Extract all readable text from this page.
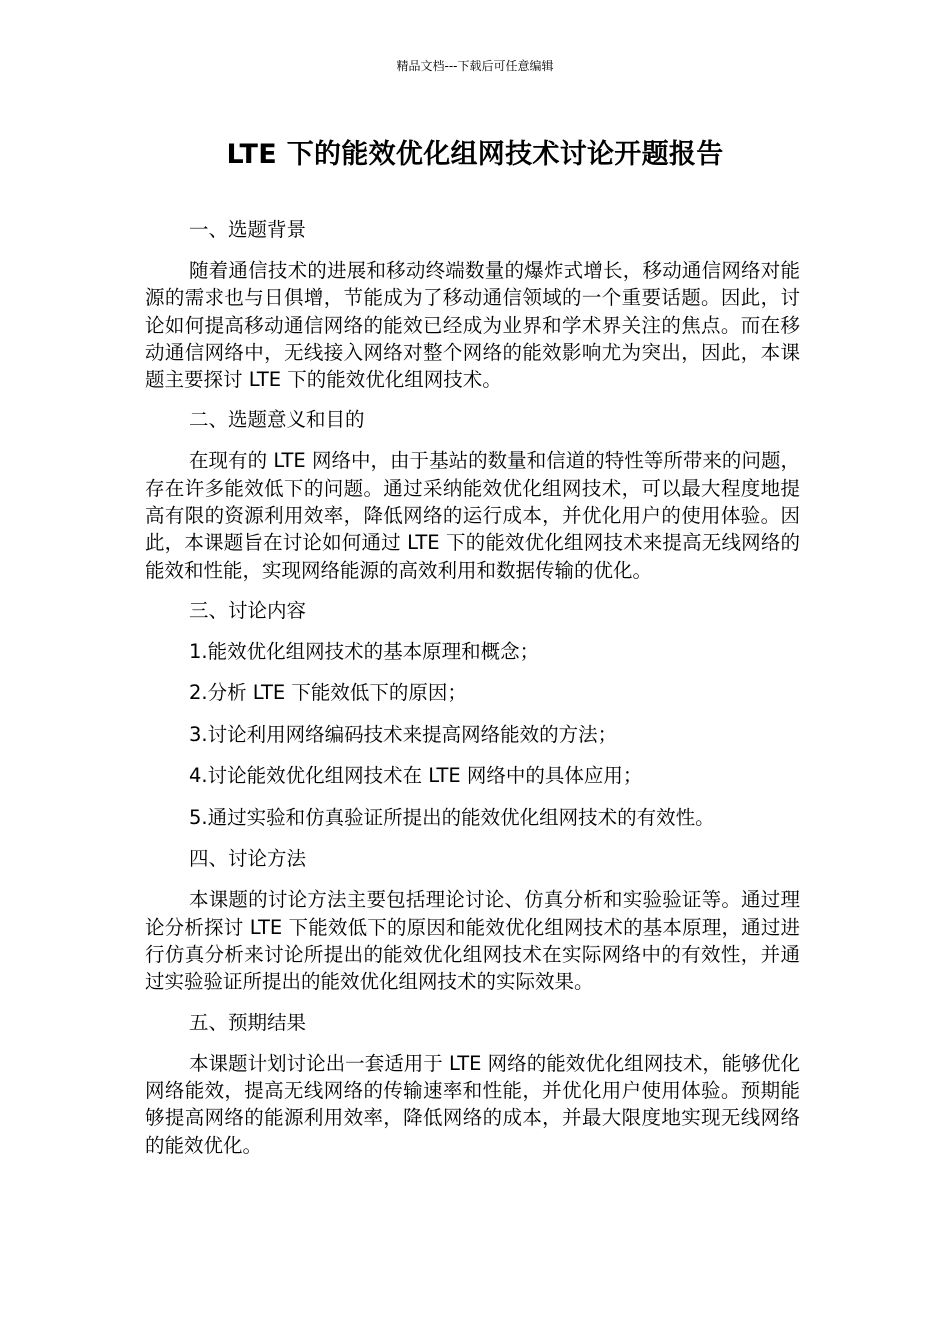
精品文档---下载后可任意编辑
LTE 下的能效优化组网技术讨论开题报告
一、选题背景
随着通信技术的进展和移动终端数量的爆炸式增长，移动通信网络对能源的需求也与日俱增，节能成为了移动通信领域的一个重要话题。因此，讨论如何提高移动通信网络的能效已经成为业界和学术界关注的焦点。而在移动通信网络中，无线接入网络对整个网络的能效影响尤为突出，因此，本课题主要探讨 LTE 下的能效优化组网技术。
二、选题意义和目的
在现有的 LTE 网络中，由于基站的数量和信道的特性等所带来的问题，存在许多能效低下的问题。通过采纳能效优化组网技术，可以最大程度地提高有限的资源利用效率，降低网络的运行成本，并优化用户的使用体验。因此，本课题旨在讨论如何通过 LTE 下的能效优化组网技术来提高无线网络的能效和性能，实现网络能源的高效利用和数据传输的优化。
三、讨论内容
1.能效优化组网技术的基本原理和概念；
2.分析 LTE 下能效低下的原因；
3.讨论利用网络编码技术来提高网络能效的方法；
4.讨论能效优化组网技术在 LTE 网络中的具体应用；
5.通过实验和仿真验证所提出的能效优化组网技术的有效性。
四、讨论方法
本课题的讨论方法主要包括理论讨论、仿真分析和实验验证等。通过理论分析探讨 LTE 下能效低下的原因和能效优化组网技术的基本原理，通过进行仿真分析来讨论所提出的能效优化组网技术在实际网络中的有效性，并通过实验验证所提出的能效优化组网技术的实际效果。
五、预期结果
本课题计划讨论出一套适用于 LTE 网络的能效优化组网技术，能够优化网络能效，提高无线网络的传输速率和性能，并优化用户使用体验。预期能够提高网络的能源利用效率，降低网络的成本，并最大限度地实现无线网络的能效优化。
